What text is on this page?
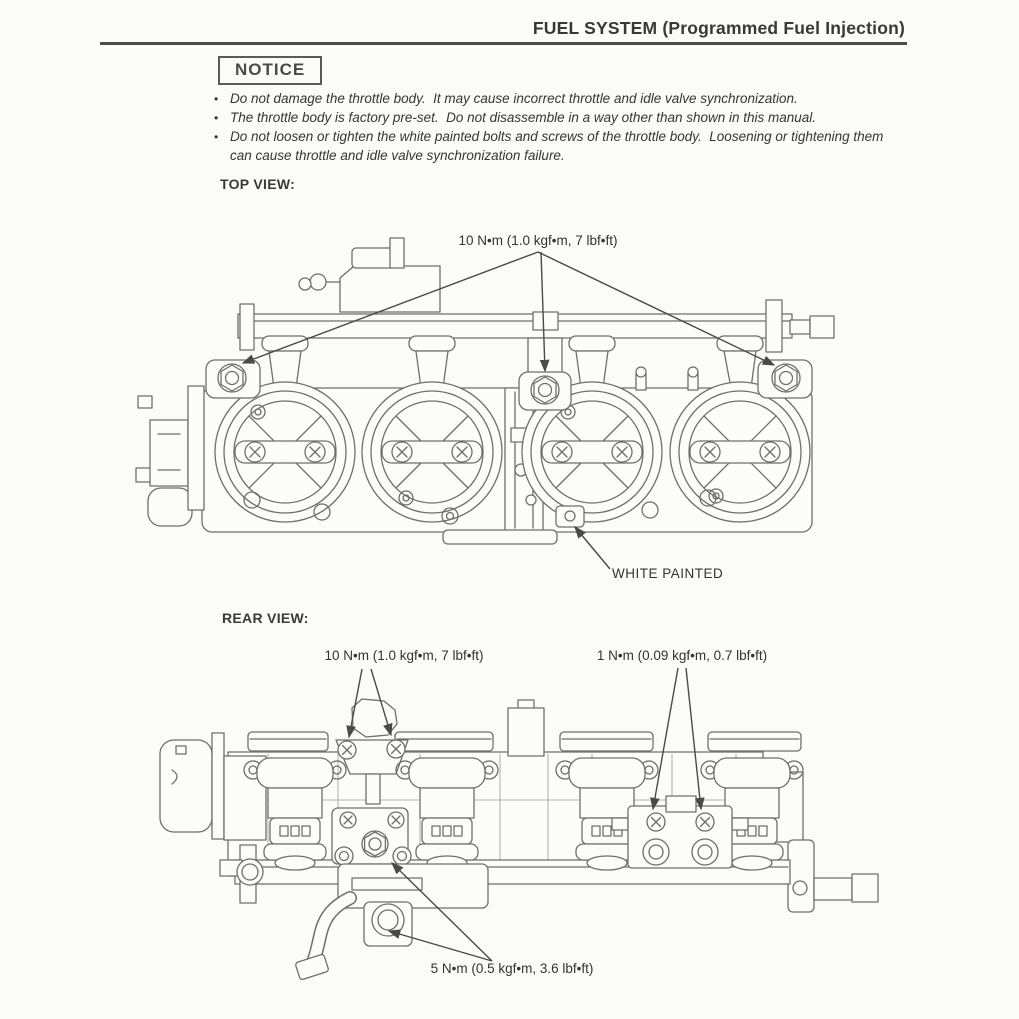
FUEL SYSTEM (Programmed Fuel Injection)
NOTICE
• Do not damage the throttle body.  It may cause incorrect throttle and idle valve synchronization.
• The throttle body is factory pre-set.  Do not disassemble in a way other than shown in this manual.
• Do not loosen or tighten the white painted bolts and screws of the throttle body.  Loosening or tightening them can cause throttle and idle valve synchronization failure.
TOP VIEW:
10 N•m (1.0 kgf•m, 7 lbf•ft)
WHITE PAINTED
REAR VIEW:
10 N•m (1.0 kgf•m, 7 lbf•ft)	1 N•m (0.09 kgf•m, 0.7 lbf•ft)
5 N•m (0.5 kgf•m, 3.6 lbf•ft)
